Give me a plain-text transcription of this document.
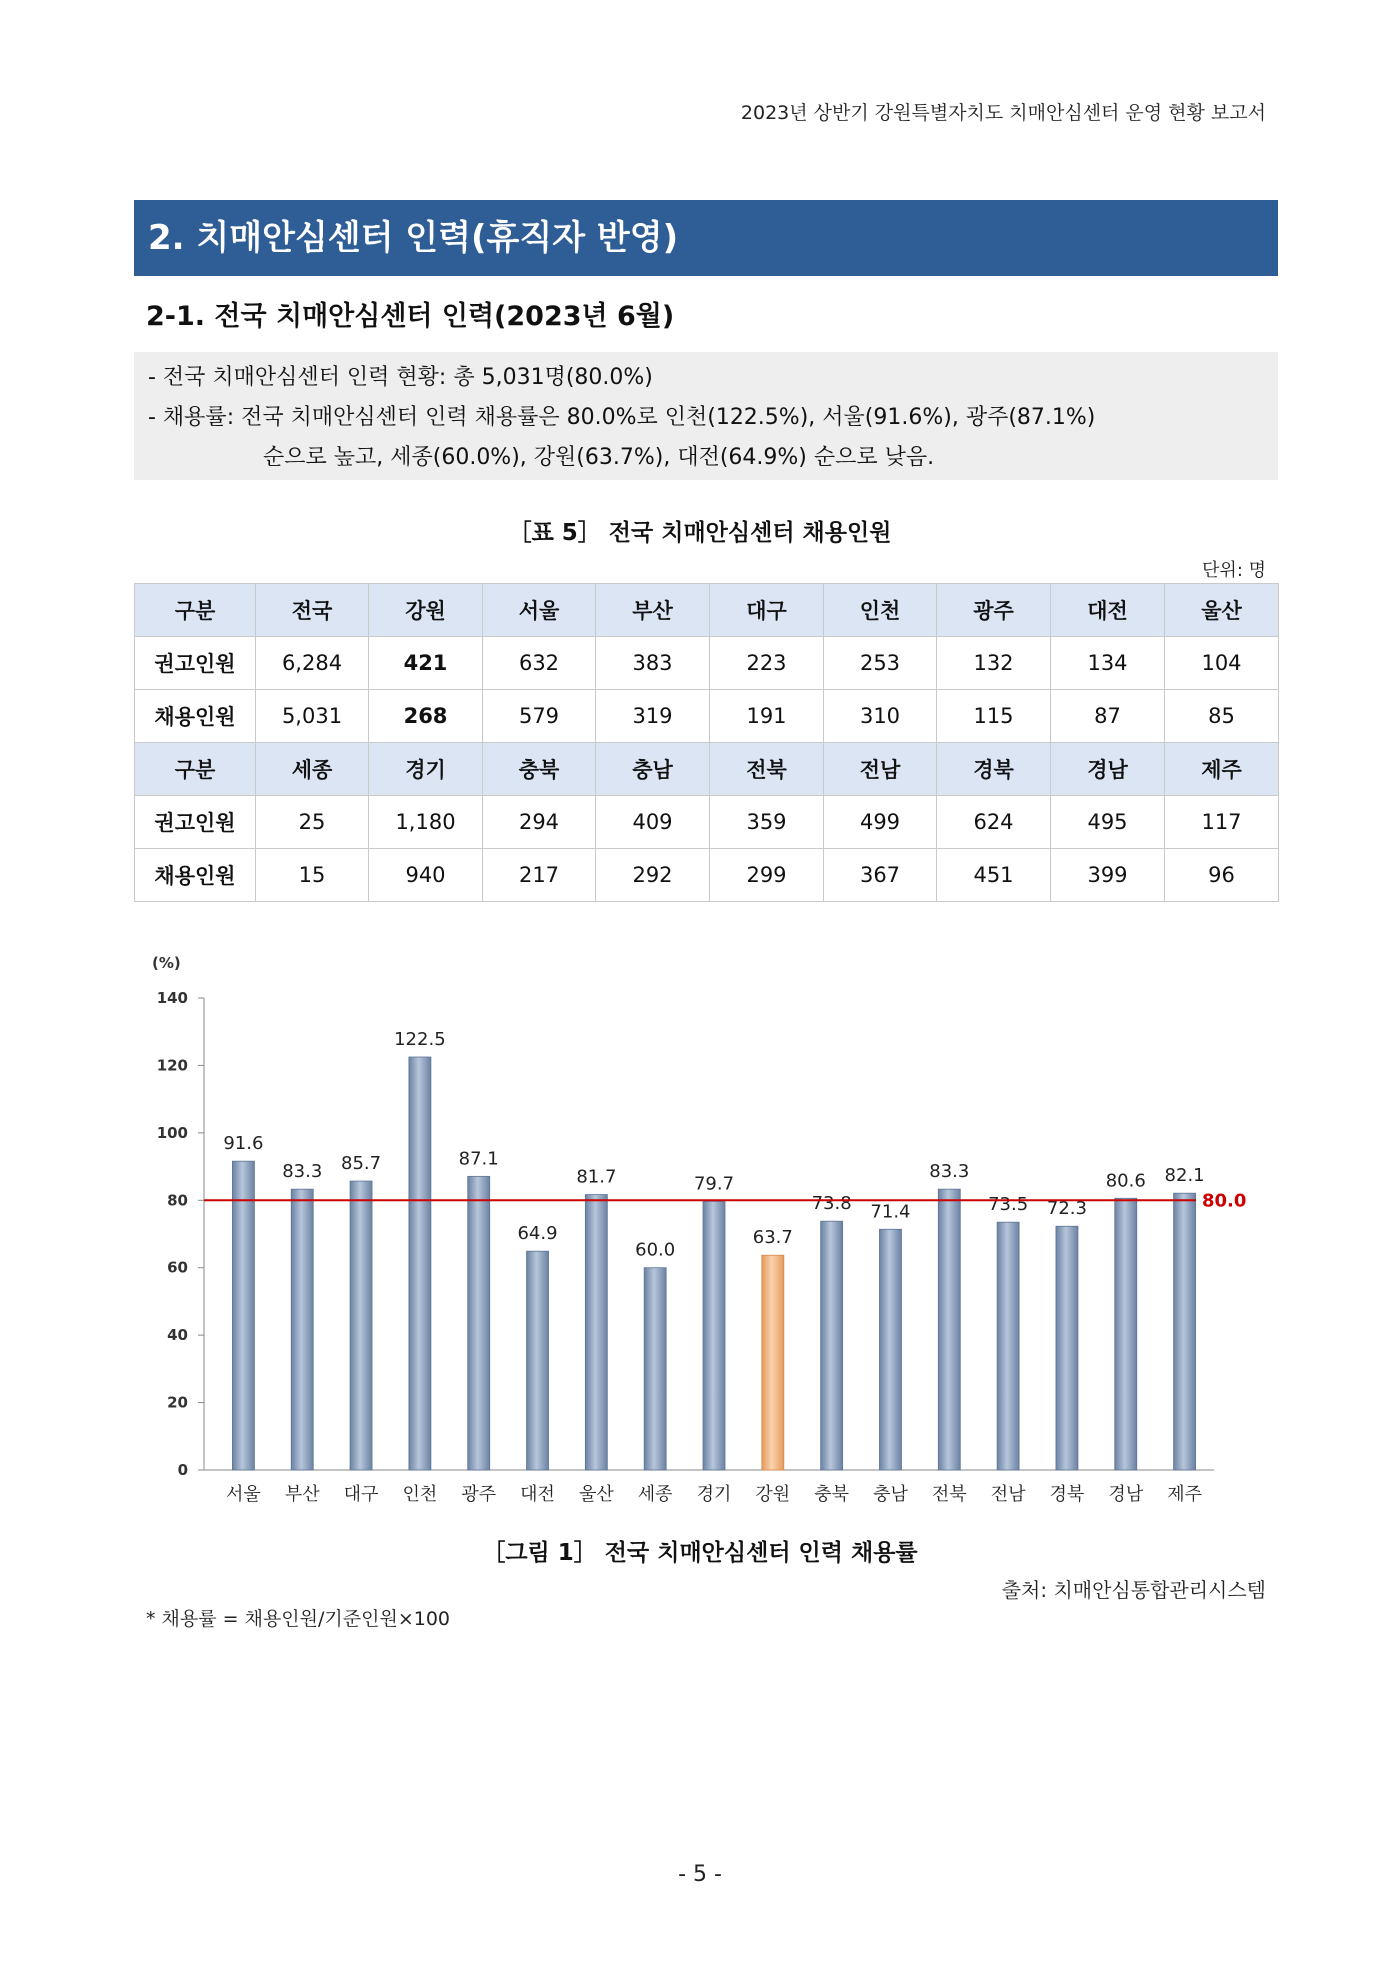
2023년 상반기 강원특별자치도 치매안심센터 운영 현황 보고서
2. 치매안심센터 인력(휴직자 반영)
2-1. 전국 치매안심센터 인력(2023년 6월)
- 전국 치매안심센터 인력 현황: 총 5,031명(80.0%)
- 채용률: 전국 치매안심센터 인력 채용률은 80.0%로 인천(122.5%), 서울(91.6%), 광주(87.1%)
순으로 높고, 세종(60.0%), 강원(63.7%), 대전(64.9%) 순으로 낮음.
［표 5］ 전국 치매안심센터 채용인원
단위: 명
구분	전국	강원	서울	부산	대구	인천	광주	대전	울산
권고인원	6,284	421	632	383	223	253	132	134	104
채용인원	5,031	268	579	319	191	310	115	87	85
구분	세종	경기	충북	충남	전북	전남	경북	경남	제주
권고인원	25	1,180	294	409	359	499	624	495	117
채용인원	15	940	217	292	299	367	451	399	96
(%)
0
20
40
60
80
100
120
140
91.6
서울
83.3
부산
85.7
대구
122.5
인천
87.1
광주
64.9
대전
81.7
울산
60.0
세종
79.7
경기
63.7
강원
73.8
충북
71.4
충남
83.3
전북
73.5
전남
72.3
경북
80.6
경남
82.1
제주
80.0
［그림 1］ 전국 치매안심센터 인력 채용률
출처: 치매안심통합관리시스템
* 채용률 = 채용인원/기준인원×100
- 5 -
